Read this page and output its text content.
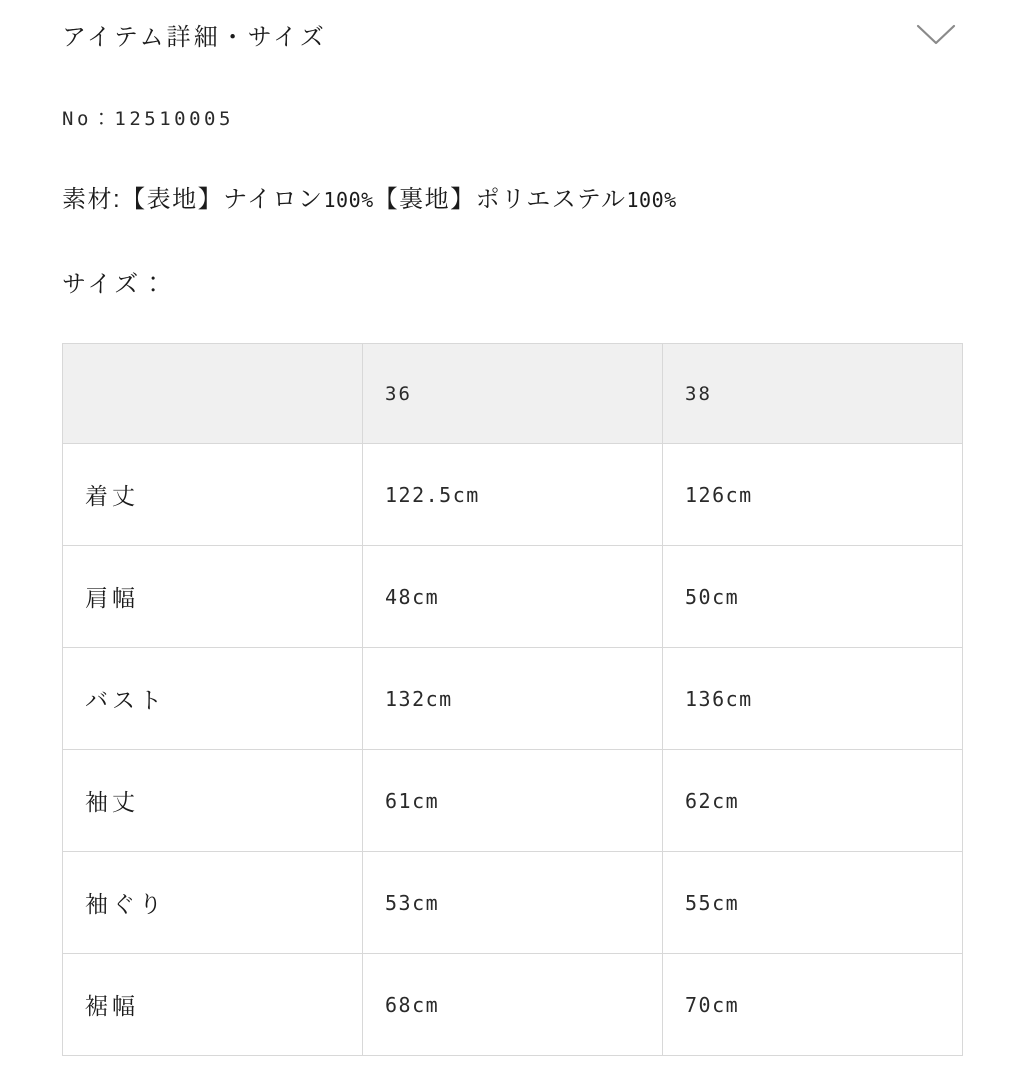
アイテム詳細・サイズ
No：12510005
素材:【表地】ナイロン100%【裏地】ポリエステル100%
サイズ：
	36	38
着丈	122.5cm	126cm
肩幅	48cm	50cm
バスト	132cm	136cm
袖丈	61cm	62cm
袖ぐり	53cm	55cm
裾幅	68cm	70cm
